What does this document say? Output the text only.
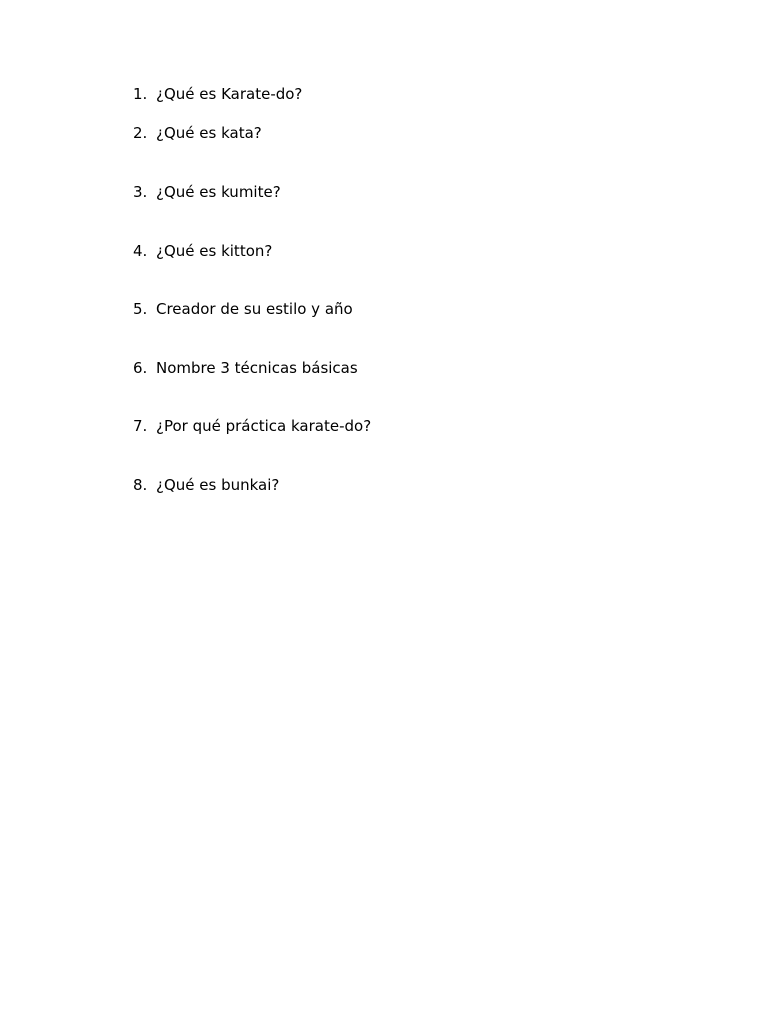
1. ¿Qué es Karate-do?
2. ¿Qué es kata?
3. ¿Qué es kumite?
4. ¿Qué es kitton?
5. Creador de su estilo y año
6. Nombre 3 técnicas básicas
7. ¿Por qué práctica karate-do?
8. ¿Qué es bunkai?
